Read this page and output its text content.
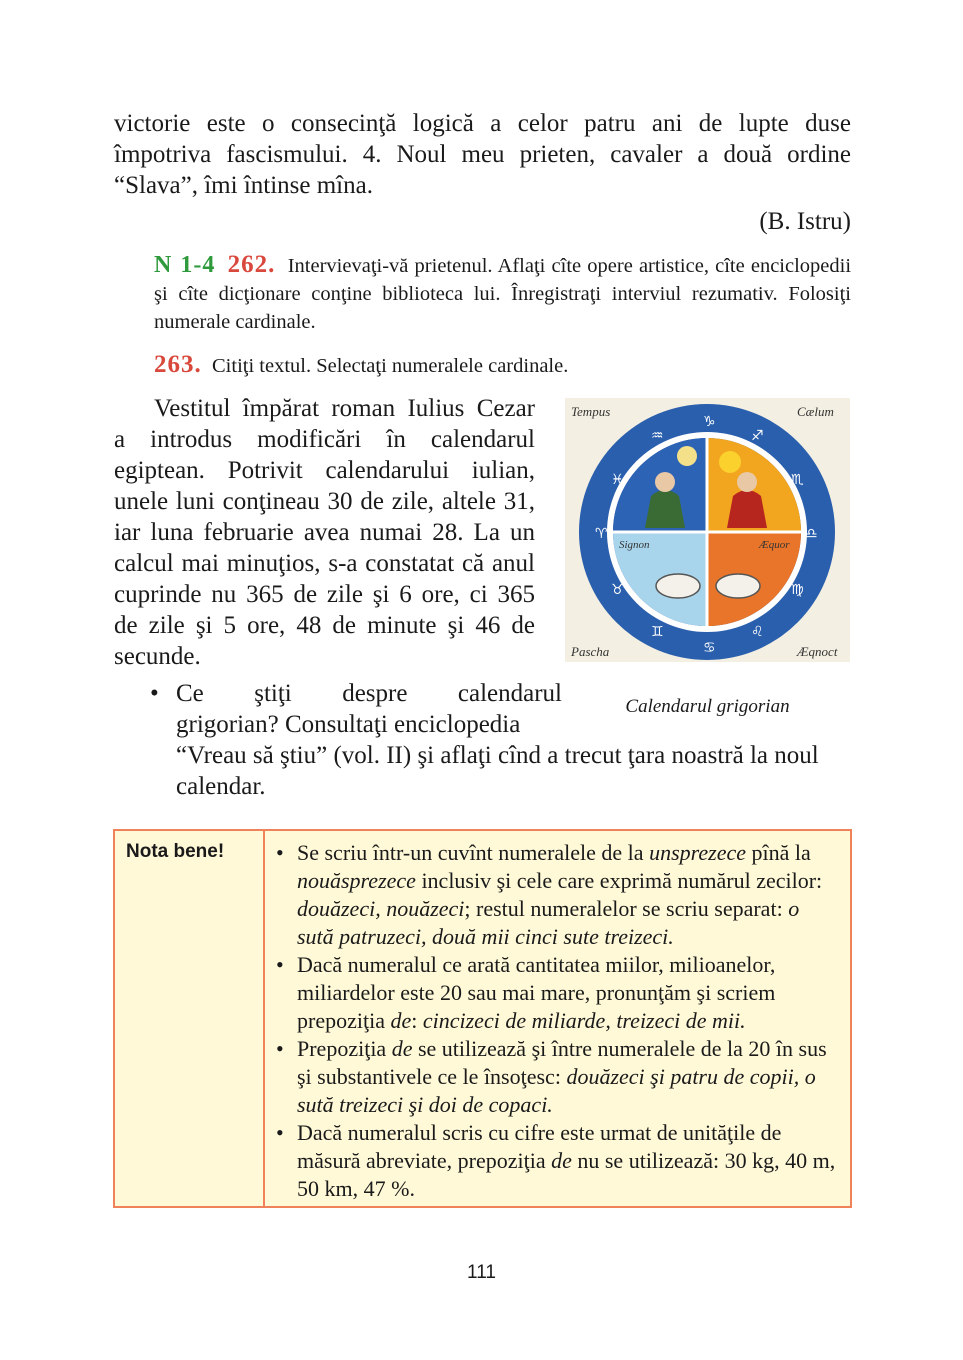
victorie este o consecinţă logică a celor patru ani de lupte duse
împotriva fascismului. 4. Noul meu prieten, cavaler a două ordine
“Slava”, îmi întinse mîna.
(B. Istru)
N 1-4 262. Intervievaţi-vă prietenul. Aflaţi cîte opere artistice, cîte enciclopedii şi cîte dicţionare conţine biblioteca lui. Înregistraţi interviul rezumativ. Folosiţi numerale cardinale.
263. Citiţi textul. Selectaţi numeralele cardinale.
Vestitul împărat roman Iulius Cezar
a introdus modificări în calendarul
egiptean. Potrivit calendarului iulian,
unele luni conţineau 30 de zile, altele 31,
iar luna februarie avea numai 28. La un
calcul mai minuţios, s-a constatat că anul
cuprinde nu 365 de zile şi 6 ore, ci 365
de zile şi 5 ore, 48 de minute şi 46 de
secunde.
♑
♐
♏
♎
♍
♌
♋
♊
♉
♈
♓
♒
Tempus	Cælum
Pascha	Æqnoct
Signon	Æquor
Calendarul grigorian
• Ce ştiţi despre calendarul
grigorian? Consultaţi enciclopedia
“Vreau să ştiu” (vol. II) şi aflaţi cînd a trecut ţara noastră la noul
calendar.
Nota bene! • Se scriu într-un cuvînt numeralele de la unsprezece pînă la nouăsprezece inclusiv şi cele care exprimă numărul zecilor: douăzeci, nouăzeci; restul numeralelor se scriu separat: o sută patruzeci, două mii cinci sute treizeci.
• Dacă numeralul ce arată cantitatea miilor, milioanelor, miliardelor este 20 sau mai mare, pronunţăm şi scriem prepoziţia de: cincizeci de miliarde, treizeci de mii.
• Prepoziţia de se utilizează şi între numeralele de la 20 în sus şi substantivele ce le însoţesc: douăzeci şi patru de copii, o sută treizeci şi doi de copaci.
• Dacă numeralul scris cu cifre este urmat de unităţile de măsură abreviate, prepoziţia de nu se utilizează: 30 kg, 40 m, 50 km, 47 %.
111
